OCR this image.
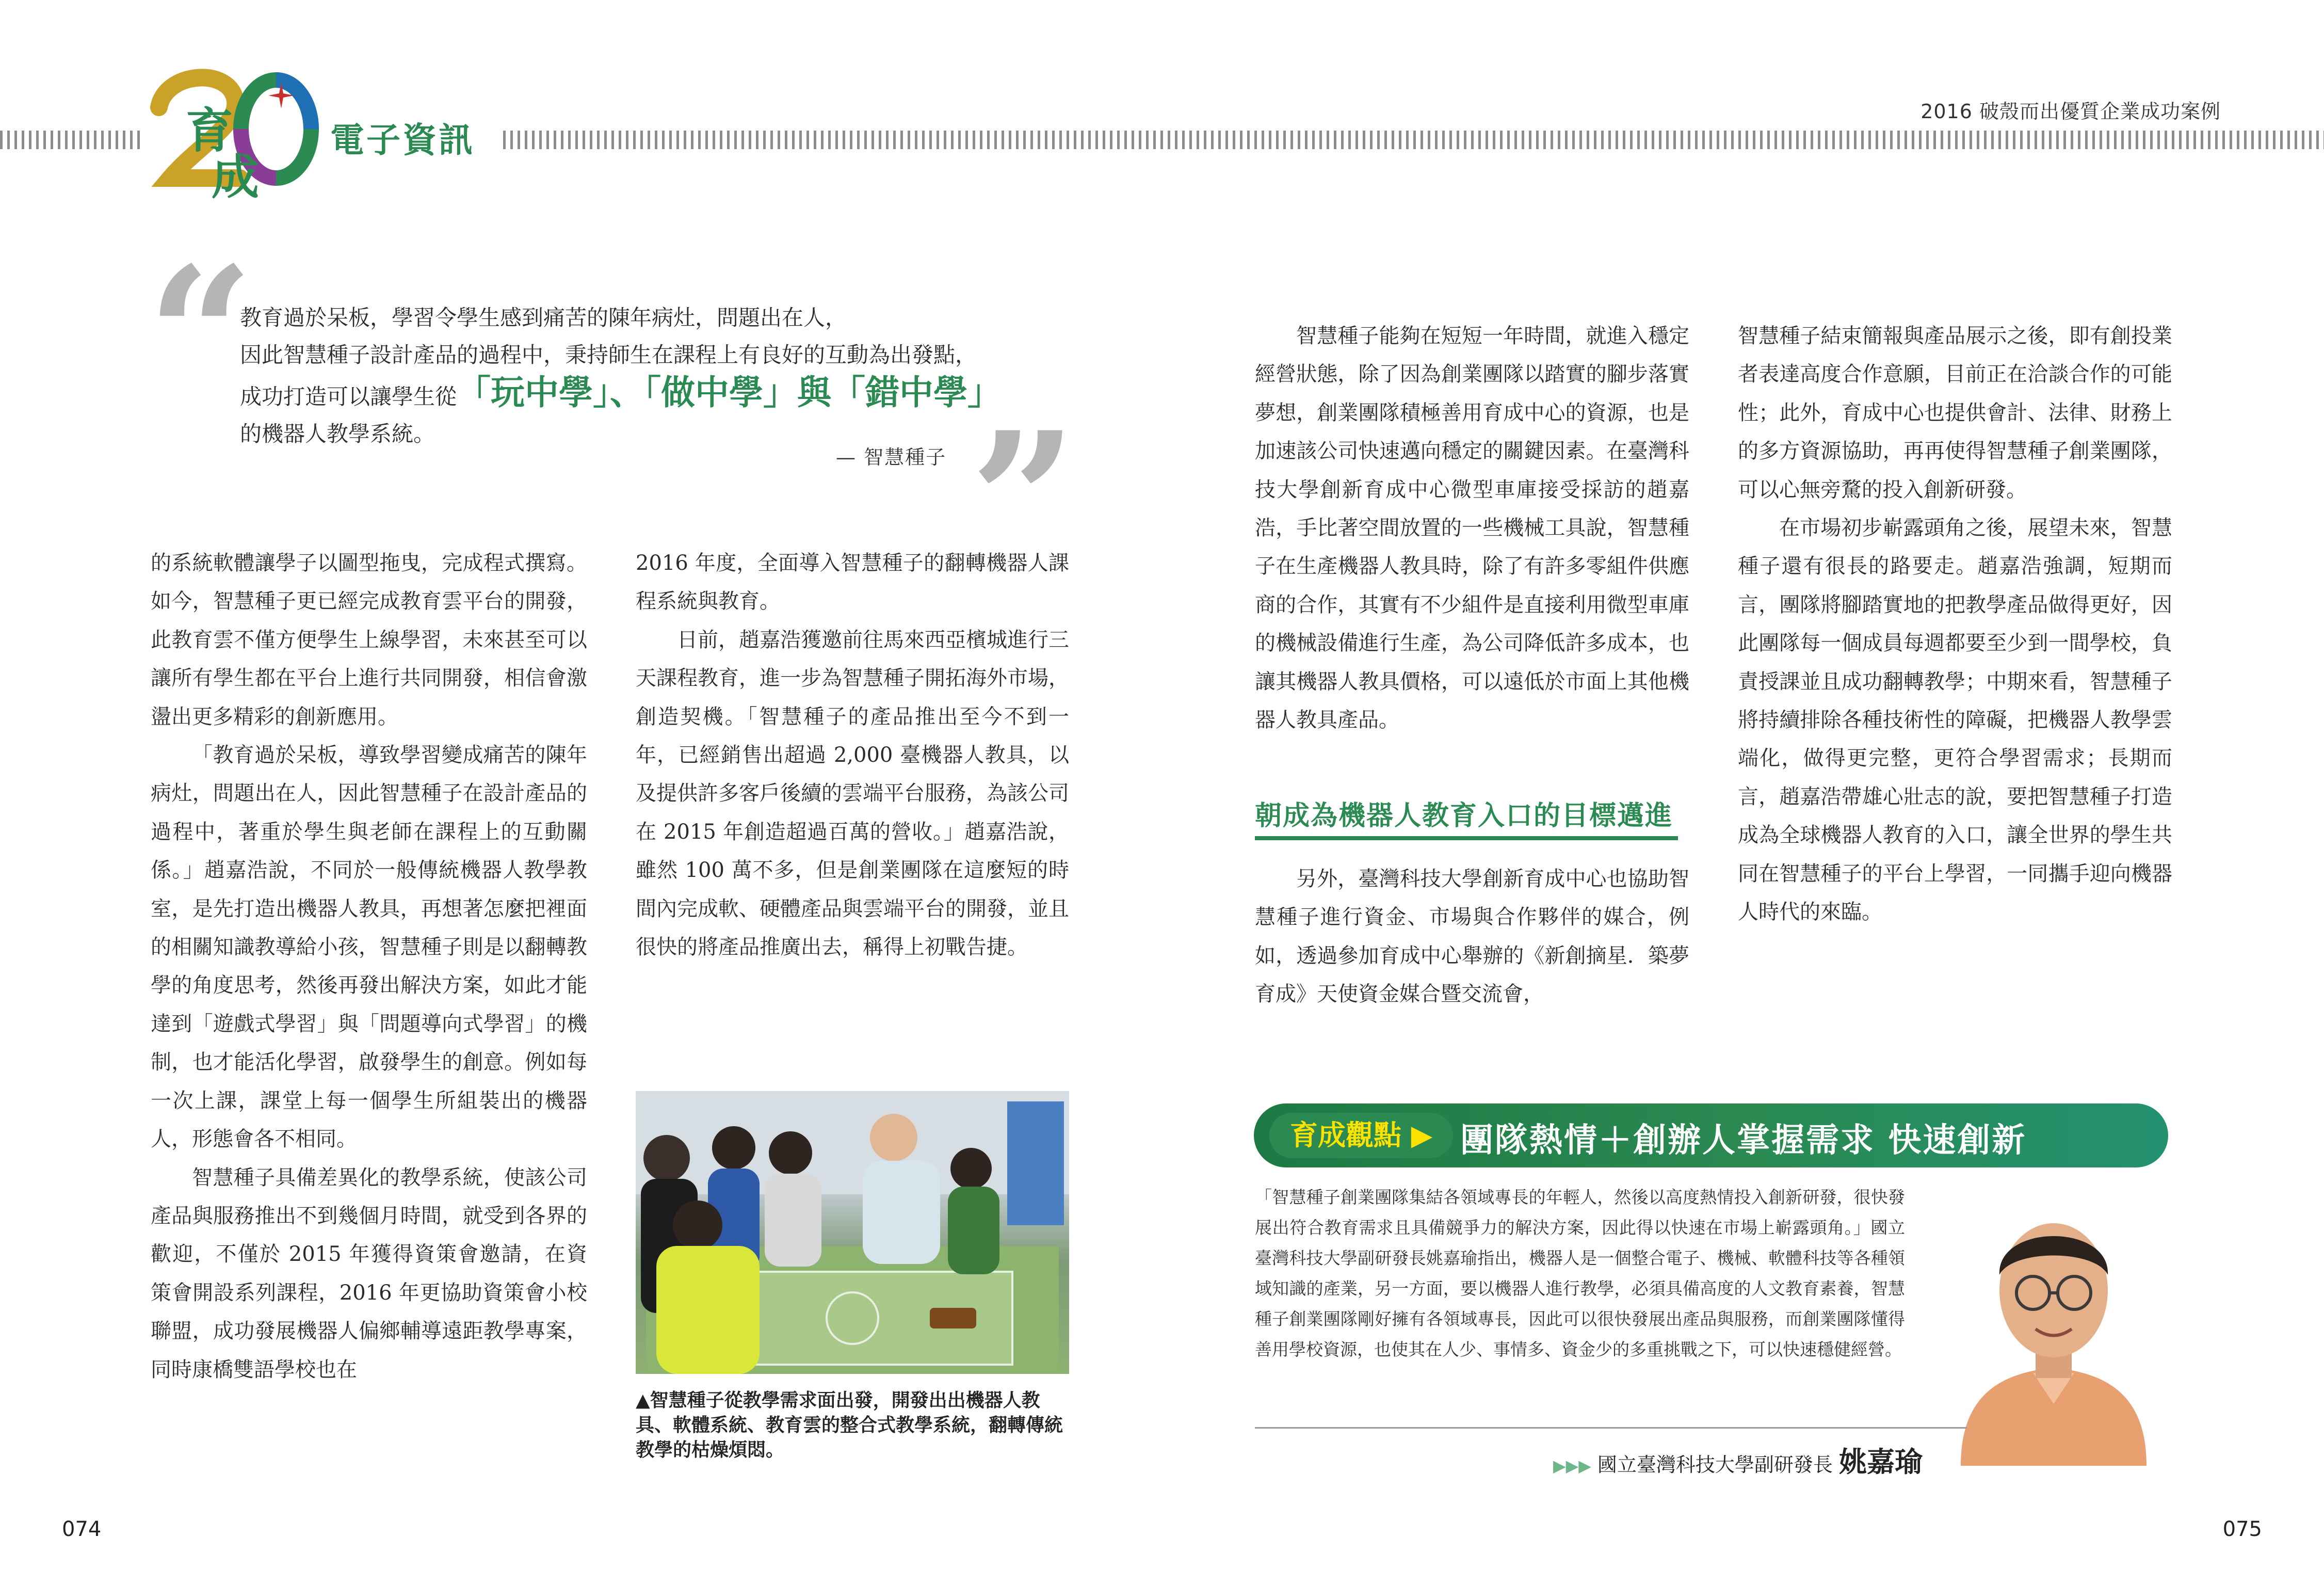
育
成
電子資訊
2016 破殼而出優質企業成功案例
“

教育過於呆板，學習令學生感到痛苦的陳年病灶，問題出在人，

因此智慧種子設計產品的過程中，秉持師生在課程上有良好的互動為出發點，

成功打造可以讓學生從「玩中學」、「做中學」與「錯中學」

的機器人教學系統。

— 智慧種子 ”

的系統軟體讓學子以圖型拖曳，完成程式撰寫。如今，智慧種子更已經完成教育雲平台的開發，此教育雲不僅方便學生上線學習，未來甚至可以讓所有學生都在平台上進行共同開發，相信會激盪出更多精彩的創新應用。

「教育過於呆板，導致學習變成痛苦的陳年病灶，問題出在人，因此智慧種子在設計產品的過程中，著重於學生與老師在課程上的互動關係。」趙嘉浩說，不同於一般傳統機器人教學教室，是先打造出機器人教具，再想著怎麼把裡面的相關知識教導給小孩，智慧種子則是以翻轉教學的角度思考，然後再發出解決方案，如此才能達到「遊戲式學習」與「問題導向式學習」的機制，也才能活化學習，啟發學生的創意。例如每一次上課，課堂上每一個學生所組裝出的機器人，形態會各不相同。

智慧種子具備差異化的教學系統，使該公司產品與服務推出不到幾個月時間，就受到各界的歡迎，不僅於 2015 年獲得資策會邀請，在資策會開設系列課程，2016 年更協助資策會小校聯盟，成功發展機器人偏鄉輔導遠距教學專案，同時康橋雙語學校也在

2016 年度，全面導入智慧種子的翻轉機器人課程系統與教育。

日前，趙嘉浩獲邀前往馬來西亞檳城進行三天課程教育，進一步為智慧種子開拓海外市場，創造契機。「智慧種子的產品推出至今不到一年，已經銷售出超過 2,000 臺機器人教具，以及提供許多客戶後續的雲端平台服務，為該公司在 2015 年創造超過百萬的營收。」趙嘉浩說，雖然 100 萬不多，但是創業團隊在這麼短的時間內完成軟、硬體產品與雲端平台的開發，並且很快的將產品推廣出去，稱得上初戰告捷。

▲智慧種子從教學需求面出發，開發出出機器人教具、軟體系統、教育雲的整合式教學系統，翻轉傳統教學的枯燥煩悶。

智慧種子能夠在短短一年時間，就進入穩定經營狀態，除了因為創業團隊以踏實的腳步落實夢想，創業團隊積極善用育成中心的資源，也是加速該公司快速邁向穩定的關鍵因素。在臺灣科技大學創新育成中心微型車庫接受採訪的趙嘉浩，手比著空間放置的一些機械工具說，智慧種子在生產機器人教具時，除了有許多零組件供應商的合作，其實有不少組件是直接利用微型車庫的機械設備進行生產，為公司降低許多成本，也讓其機器人教具價格，可以遠低於市面上其他機器人教具產品。

朝成為機器人教育入口的目標邁進

另外，臺灣科技大學創新育成中心也協助智慧種子進行資金、市場與合作夥伴的媒合，例如，透過參加育成中心舉辦的《新創摘星．築夢育成》天使資金媒合暨交流會，

智慧種子結束簡報與產品展示之後，即有創投業者表達高度合作意願，目前正在洽談合作的可能性；此外，育成中心也提供會計、法律、財務上的多方資源協助，再再使得智慧種子創業團隊，可以心無旁騖的投入創新研發。

在市場初步嶄露頭角之後，展望未來，智慧種子還有很長的路要走。趙嘉浩強調，短期而言，團隊將腳踏實地的把教學產品做得更好，因此團隊每一個成員每週都要至少到一間學校，負責授課並且成功翻轉教學；中期來看，智慧種子將持續排除各種技術性的障礙，把機器人教學雲端化，做得更完整，更符合學習需求；長期而言，趙嘉浩帶雄心壯志的說，要把智慧種子打造成為全球機器人教育的入口，讓全世界的學生共同在智慧種子的平台上學習，一同攜手迎向機器人時代的來臨。

育成觀點 ▶ 團隊熱情＋創辦人掌握需求 快速創新

「智慧種子創業團隊集結各領域專長的年輕人，然後以高度熱情投入創新研發，很快發展出符合教育需求且具備競爭力的解決方案，因此得以快速在市場上嶄露頭角。」國立臺灣科技大學副研發長姚嘉瑜指出，機器人是一個整合電子、機械、軟體科技等各種領域知識的產業，另一方面，要以機器人進行教學，必須具備高度的人文教育素養，智慧種子創業團隊剛好擁有各領域專長，因此可以很快發展出產品與服務，而創業團隊懂得善用學校資源，也使其在人少、事情多、資金少的多重挑戰之下，可以快速穩健經營。

▶▶▶ 國立臺灣科技大學副研發長 姚嘉瑜
074	075
